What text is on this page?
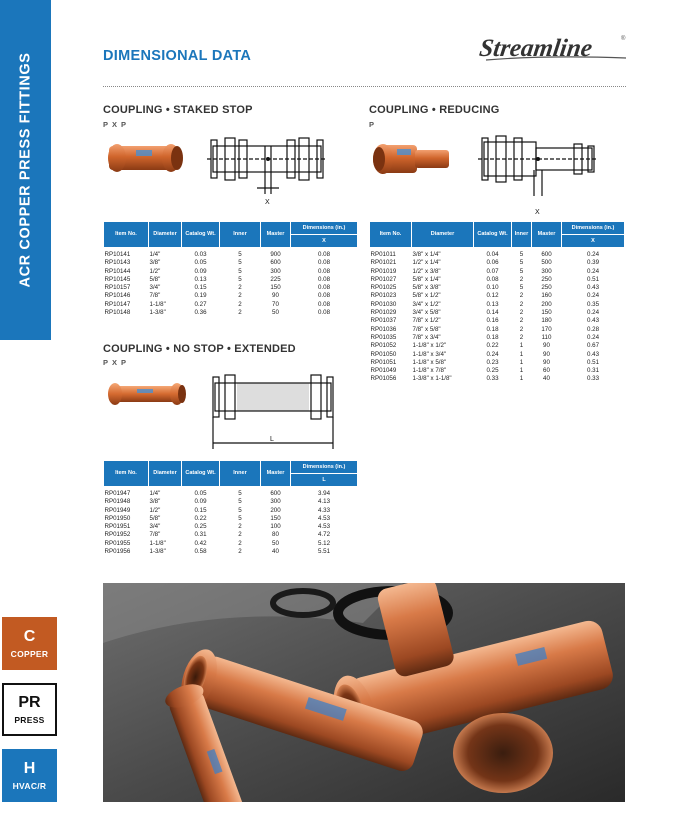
ACR COPPER PRESS FITTINGS
C
COPPER
PR
PRESS
H
HVAC/R
DIMENSIONAL DATA	Streamline	®
COUPLING • STAKED STOP
P X P
X
Item No.	Diameter	Catalog Wt.	Inner	Master	Dimensions (in.)
					X
RP10141	1/4"	0.03	5	900	0.08
RP10143	3/8"	0.05	5	600	0.08
RP10144	1/2"	0.09	5	300	0.08
RP10145	5/8"	0.13	5	225	0.08
RP10157	3/4"	0.15	2	150	0.08
RP10146	7/8"	0.19	2	90	0.08
RP10147	1-1/8"	0.27	2	70	0.08
RP10148	1-3/8"	0.36	2	50	0.08
COUPLING • NO STOP • EXTENDED
P X P
L
Item No.	Diameter	Catalog Wt.	Inner	Master	Dimensions (in.)
					L
RP01947	1/4"	0.05	5	600	3.94
RP01948	3/8"	0.09	5	300	4.13
RP01949	1/2"	0.15	5	200	4.33
RP01950	5/8"	0.22	5	150	4.53
RP01951	3/4"	0.25	2	100	4.53
RP01952	7/8"	0.31	2	80	4.72
RP01955	1-1/8"	0.42	2	50	5.12
RP01956	1-3/8"	0.58	2	40	5.51
COUPLING • REDUCING
P
X
Item No.	Diameter	Catalog Wt.	Inner	Master	Dimensions (in.)
					X
RP01011	3/8" x 1/4"	0.04	5	600	0.24
RP01021	1/2" x 1/4"	0.06	5	500	0.39
RP01019	1/2" x 3/8"	0.07	5	300	0.24
RP01027	5/8" x 1/4"	0.08	2	250	0.51
RP01025	5/8" x 3/8"	0.10	5	250	0.43
RP01023	5/8" x 1/2"	0.12	2	160	0.24
RP01030	3/4" x 1/2"	0.13	2	200	0.35
RP01029	3/4" x 5/8"	0.14	2	150	0.24
RP01037	7/8" x 1/2"	0.16	2	180	0.43
RP01036	7/8" x 5/8"	0.18	2	170	0.28
RP01035	7/8" x 3/4"	0.18	2	110	0.24
RP01052	1-1/8" x 1/2"	0.22	1	90	0.67
RP01050	1-1/8" x 3/4"	0.24	1	90	0.43
RP01051	1-1/8" x 5/8"	0.23	1	90	0.51
RP01049	1-1/8" x 7/8"	0.25	1	60	0.31
RP01056	1-3/8" x 1-1/8"	0.33	1	40	0.33
